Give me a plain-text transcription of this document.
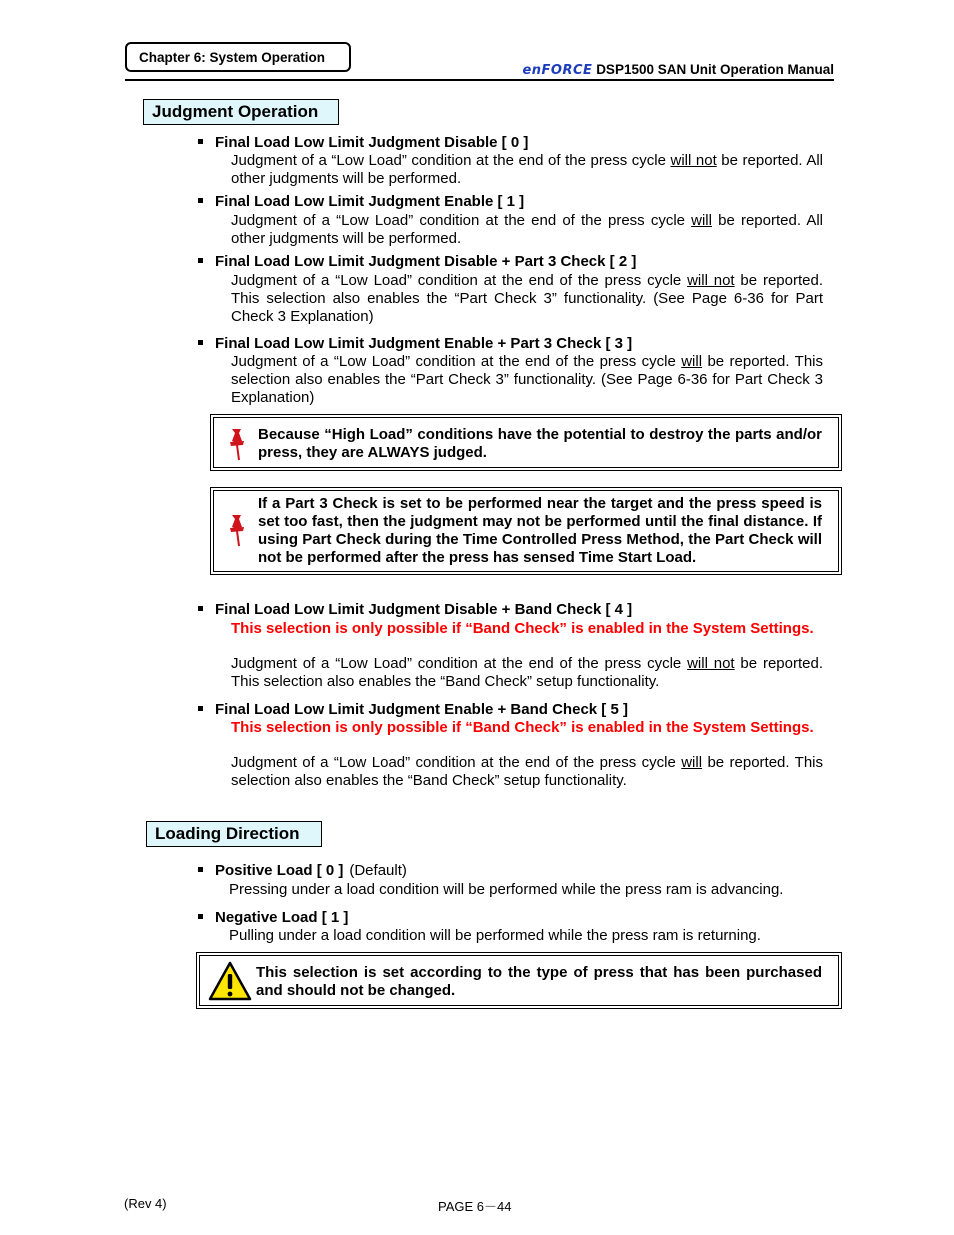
Chapter 6: System Operation
enFORCE DSP1500 SAN Unit Operation Manual
Judgment Operation
Final Load Low Limit Judgment Disable [ 0 ]
Judgment of a “Low Load” condition at the end of the press cycle will not be reported. All other judgments will be performed.
Final Load Low Limit Judgment Enable [ 1 ]
Judgment of a “Low Load” condition at the end of the press cycle will be reported. All other judgments will be performed.
Final Load Low Limit Judgment Disable + Part 3 Check [ 2 ]
Judgment of a “Low Load” condition at the end of the press cycle will not be reported. This selection also enables the “Part Check 3” functionality. (See Page 6-36 for Part Check 3 Explanation)
Final Load Low Limit Judgment Enable + Part 3 Check [ 3 ]
Judgment of a “Low Load” condition at the end of the press cycle will be reported. This selection also enables the “Part Check 3” functionality. (See Page 6-36 for Part Check 3 Explanation)
Because “High Load” conditions have the potential to destroy the parts and/or press, they are ALWAYS judged.
If a Part 3 Check is set to be performed near the target and the press speed is set too fast, then the judgment may not be performed until the final distance. If using Part Check during the Time Controlled Press Method, the Part Check will not be performed after the press has sensed Time Start Load.
Final Load Low Limit Judgment Disable + Band Check [ 4 ]
This selection is only possible if “Band Check” is enabled in the System Settings.
Judgment of a “Low Load” condition at the end of the press cycle will not be reported. This selection also enables the “Band Check” setup functionality.
Final Load Low Limit Judgment Enable + Band Check [ 5 ]
This selection is only possible if “Band Check” is enabled in the System Settings.
Judgment of a “Low Load” condition at the end of the press cycle will be reported. This selection also enables the “Band Check” setup functionality.
Loading Direction
Positive Load [ 0 ] (Default)
Pressing under a load condition will be performed while the press ram is advancing.
Negative Load [ 1 ]
Pulling under a load condition will be performed while the press ram is returning.
This selection is set according to the type of press that has been purchased and should not be changed.
(Rev 4)	PAGE 6－44
